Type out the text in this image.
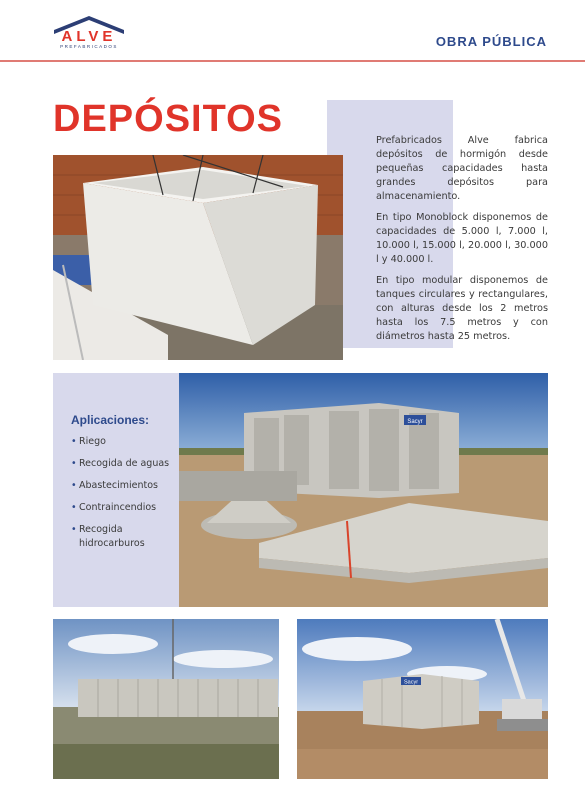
ALVE
PREFABRICADOS	OBRA PÚBLICA
DEPÓSITOS

Prefabricados Alve fabrica depósitos de hormigón desde pequeñas capacidades hasta grandes depósitos para almacenamiento.

En tipo Monoblock disponemos de capacidades de 5.000 l, 7.000 l, 10.000 l, 15.000 l, 20.000 l, 30.000 l y 40.000 l.

En tipo modular disponemos de tanques circulares y rectangulares, con alturas desde los 2 metros hasta los 7.5 metros y con diámetros hasta 25 metros.

Aplicaciones:
• Riego
• Recogida de aguas
• Abastecimientos
• Contraincendios
• Recogida hidrocarburos
Sacyr
Sacyr
